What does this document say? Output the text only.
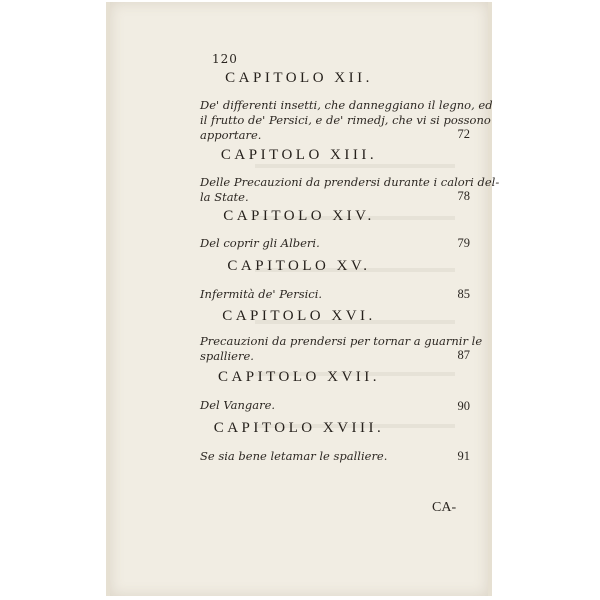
120
CAPITOLO XII.
De' differenti insetti, che danneggiano il legno, ed
il frutto de' Persici, e de' rimedj, che vi si possono
apportare.	72
CAPITOLO XIII.
Delle Precauzioni da prendersi durante i calori del-
la State.	78
CAPITOLO XIV.
Del coprir gli Alberi.	79
CAPITOLO XV.
Infermità de' Persici.	85
CAPITOLO XVI.
Precauzioni da prendersi per tornar a guarnir le
spalliere.	87
CAPITOLO XVII.
Del Vangare.	90
CAPITOLO XVIII.
Se sia bene letamar le spalliere.	91
CA-
